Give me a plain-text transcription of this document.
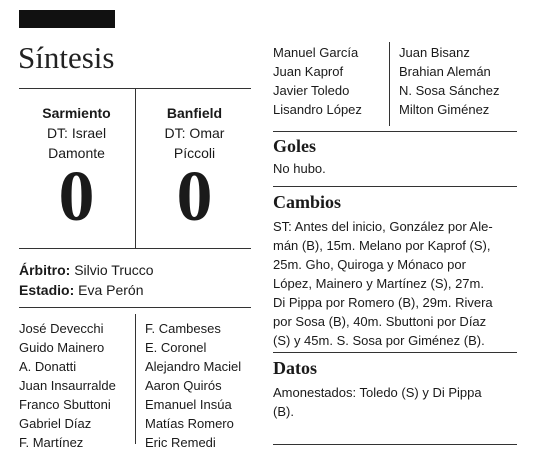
Síntesis
Sarmiento
DT: Israel
Damonte
0
Banfield
DT: Omar
Píccoli
0
Árbitro: Silvio Trucco
Estadio: Eva Perón
José Devecchi
Guido Mainero
A. Donatti
Juan Insaurralde
Franco Sbuttoni
Gabriel Díaz
F. Martínez
F. Cambeses
E. Coronel
Alejandro Maciel
Aaron Quirós
Emanuel Insúa
Matías Romero
Eric Remedi
Manuel García
Juan Kaprof
Javier Toledo
Lisandro López
Juan Bisanz
Brahian Alemán
N. Sosa Sánchez
Milton Giménez
Goles

No hubo.

Cambios
ST: Antes del inicio, González por Ale-
mán (B), 15m. Melano por Kaprof (S),
25m. Gho, Quiroga y Mónaco por
López, Mainero y Martínez (S), 27m.
Di Pippa por Romero (B), 29m. Rivera
por Sosa (B), 40m. Sbuttoni por Díaz
(S) y 45m. S. Sosa por Giménez (B).
Datos
Amonestados: Toledo (S) y Di Pippa
(B).
